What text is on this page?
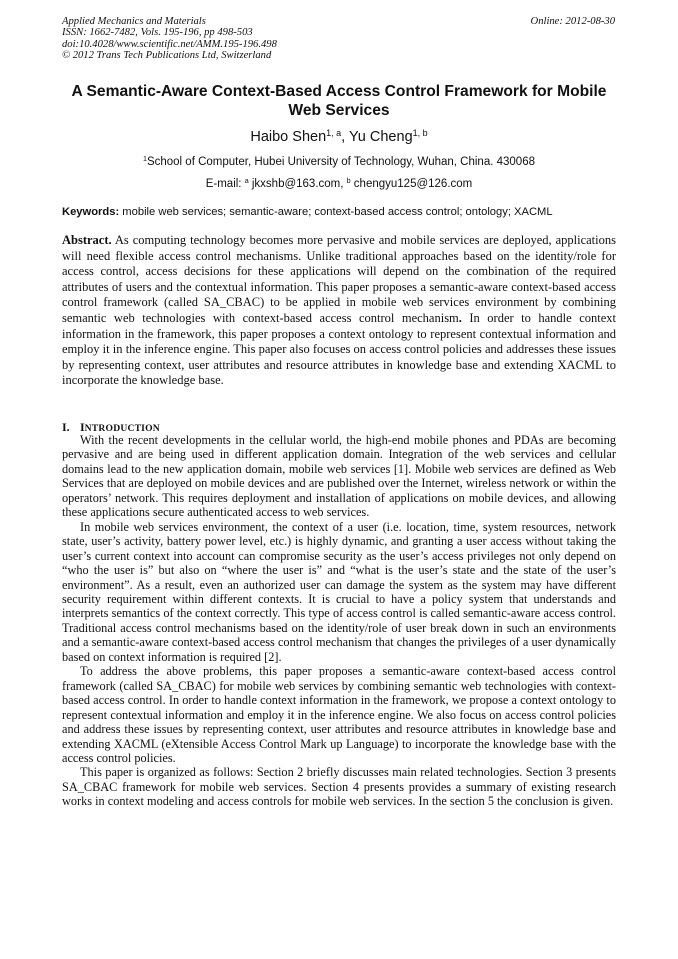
Applied Mechanics and Materials
ISSN: 1662-7482, Vols. 195-196, pp 498-503
doi:10.4028/www.scientific.net/AMM.195-196.498
© 2012 Trans Tech Publications Ltd, Switzerland
Online: 2012-08-30
A Semantic-Aware Context-Based Access Control Framework for Mobile Web Services
Haibo Shen$^{1, a}$, Yu Cheng$^{1, b}$
$^1$School of Computer, Hubei University of Technology, Wuhan, China. 430068
E-mail: $^a$ jkxshb@163.com, $^b$ chengyu125@126.com
Keywords: mobile web services; semantic-aware; context-based access control; ontology; XACML
Abstract. As computing technology becomes more pervasive and mobile services are deployed, applications will need flexible access control mechanisms. Unlike traditional approaches based on the identity/role for access control, access decisions for these applications will depend on the combination of the required attributes of users and the contextual information. This paper proposes a semantic-aware context-based access control framework (called SA_CBAC) to be applied in mobile web services environment by combining semantic web technologies with context-based access control mechanism. In order to handle context information in the framework, this paper proposes a context ontology to represent contextual information and employ it in the inference engine. This paper also focuses on access control policies and addresses these issues by representing context, user attributes and resource attributes in knowledge base and extending XACML to incorporate the knowledge base.
I. INTRODUCTION

With the recent developments in the cellular world, the high-end mobile phones and PDAs are becoming pervasive and are being used in different application domain. Integration of the web services and cellular domains lead to the new application domain, mobile web services [1]. Mobile web services are defined as Web Services that are deployed on mobile devices and are published over the Internet, wireless network or within the operators’ network. This requires deployment and installation of applications on mobile devices, and allowing these applications secure authenticated access to web services.

In mobile web services environment, the context of a user (i.e. location, time, system resources, network state, user’s activity, battery power level, etc.) is highly dynamic, and granting a user access without taking the user’s current context into account can compromise security as the user’s access privileges not only depend on “who the user is” but also on “where the user is” and “what is the user’s state and the state of the user’s environment”. As a result, even an authorized user can damage the system as the system may have different security requirement within different contexts. It is crucial to have a policy system that understands and interprets semantics of the context correctly. This type of access control is called semantic-aware access control. Traditional access control mechanisms based on the identity/role of user break down in such an environments and a semantic-aware context-based access control mechanism that changes the privileges of a user dynamically based on context information is required [2].

To address the above problems, this paper proposes a semantic-aware context-based access control framework (called SA_CBAC) for mobile web services by combining semantic web technologies with context-based access control. In order to handle context information in the framework, we propose a context ontology to represent contextual information and employ it in the inference engine. We also focus on access control policies and address these issues by representing context, user attributes and resource attributes in knowledge base and extending XACML (eXtensible Access Control Mark up Language) to incorporate the knowledge base with the access control policies.

This paper is organized as follows: Section 2 briefly discusses main related technologies. Section 3 presents SA_CBAC framework for mobile web services. Section 4 presents provides a summary of existing research works in context modeling and access controls for mobile web services. In the section 5 the conclusion is given.
